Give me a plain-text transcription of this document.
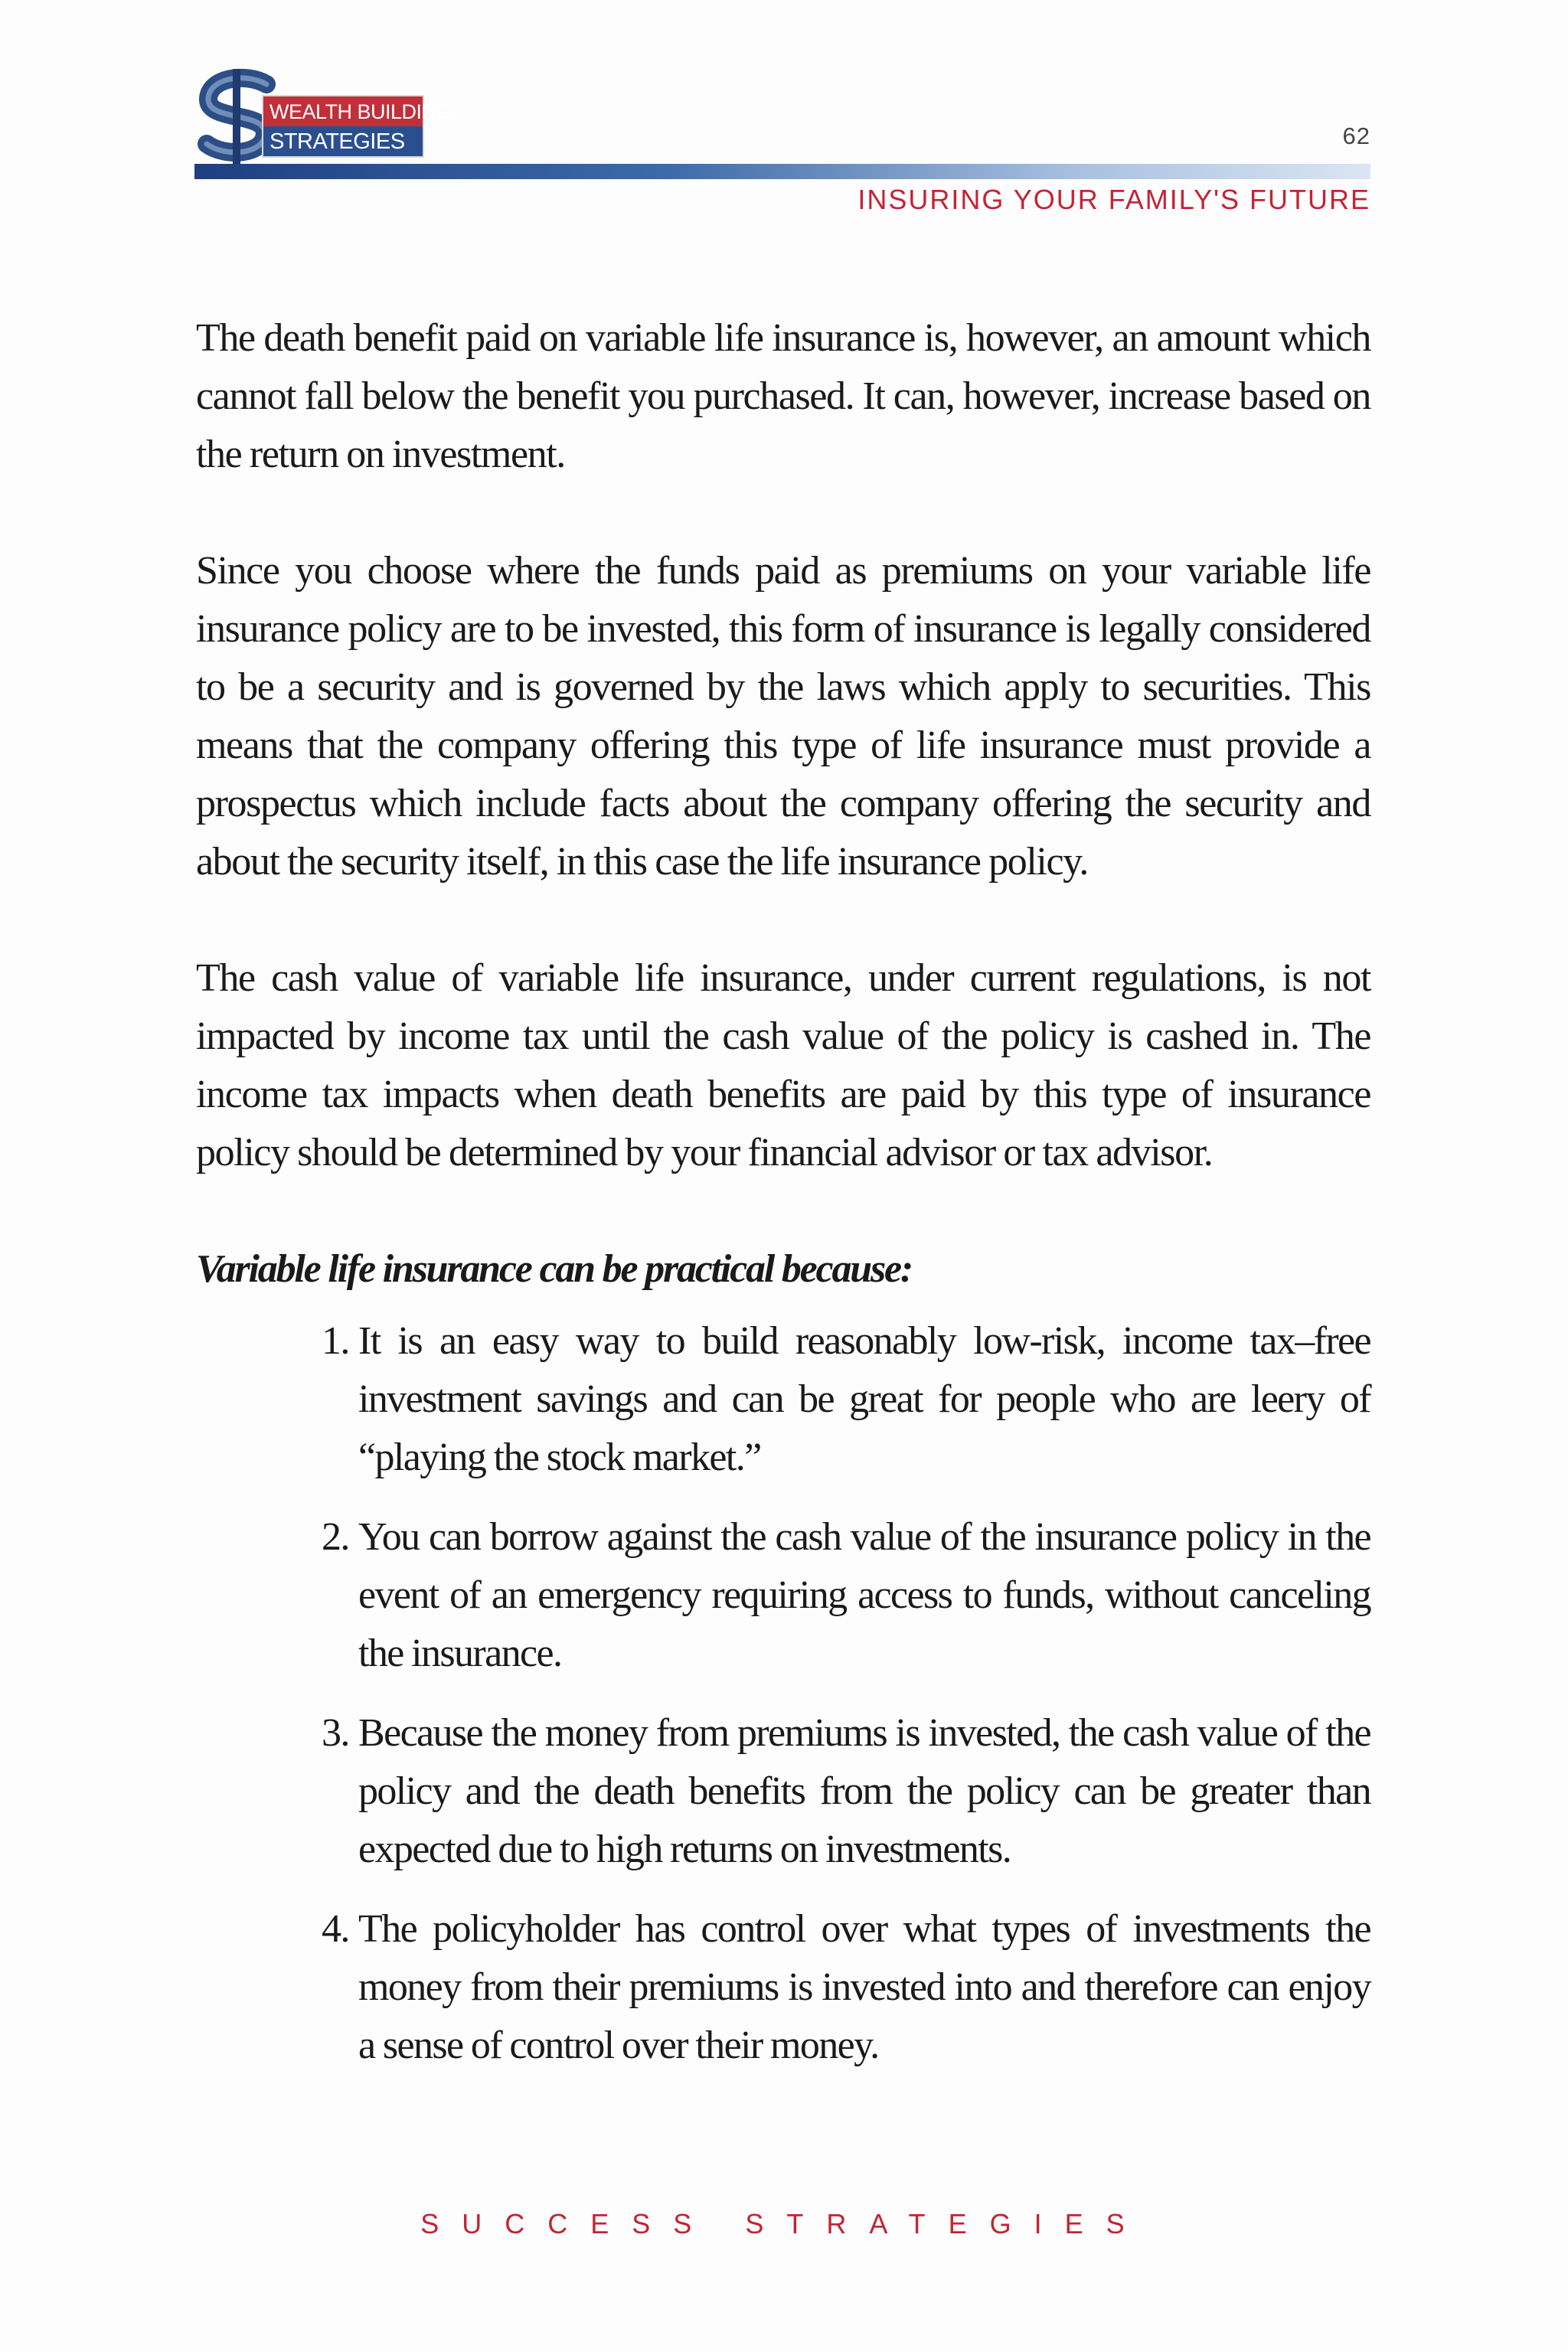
WEALTH BUILDING
STRATEGIES	62
INSURING YOUR FAMILY'S FUTURE

The death benefit paid on variable life insurance is, however, an amount which cannot fall below the benefit you purchased. It can, however, increase based on the return on investment.

Since you choose where the funds paid as premiums on your variable life insurance policy are to be invested, this form of insurance is legally considered to be a security and is governed by the laws which apply to securities. This means that the company offering this type of life insurance must provide a prospectus which include facts about the company offering the security and about the security itself, in this case the life insurance policy.

The cash value of variable life insurance, under current regulations, is not impacted by income tax until the cash value of the policy is cashed in. The income tax impacts when death benefits are paid by this type of insurance policy should be determined by your financial advisor or tax advisor.

Variable life insurance can be practical because:
1. It is an easy way to build reasonably low-risk, income tax–free investment savings and can be great for people who are leery of “playing the stock market.”
2. You can borrow against the cash value of the insurance policy in the event of an emergency requiring access to funds, without canceling the insurance.
3. Because the money from premiums is invested, the cash value of the policy and the death benefits from the policy can be greater than expected due to high returns on investments.
4. The policyholder has control over what types of investments the money from their premiums is invested into and therefore can enjoy a sense of control over their money.
SUCCESS STRATEGIES
